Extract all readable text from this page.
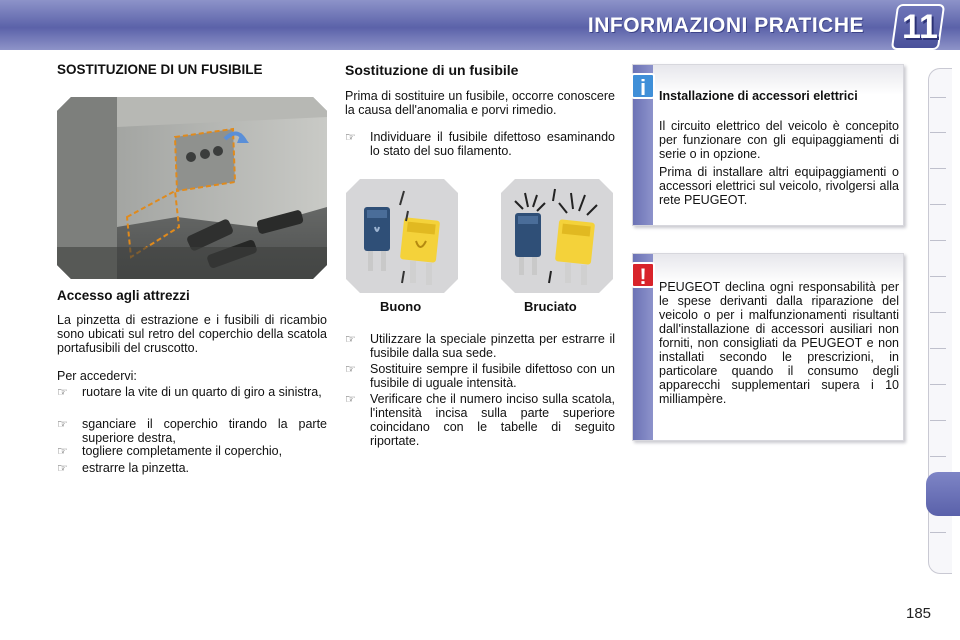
INFORMAZIONI PRATICHE 11
SOSTITUZIONE DI UN FUSIBILE
Accesso agli attrezzi
La pinzetta di estrazione e i fusibili di ricambio sono ubicati sul retro del coperchio della scatola portafusibili del cruscotto.
Per accedervi:
☞ ruotare la vite di un quarto di giro a sinistra,
☞ sganciare il coperchio tirando la parte superiore destra,
☞ togliere completamente il coperchio,
☞ estrarre la pinzetta.
Sostituzione di un fusibile
Prima di sostituire un fusibile, occorre conoscere la causa dell'anomalia e porvi rimedio.
☞ Individuare il fusibile difettoso esaminando lo stato del suo filamento.
Buono	Bruciato
☞ Utilizzare la speciale pinzetta per estrarre il fusibile dalla sua sede.
☞ Sostituire sempre il fusibile difettoso con un fusibile di uguale intensità.
☞ Verificare che il numero inciso sulla scatola, l'intensità incisa sulla parte superiore coincidano con le tabelle di seguito riportate.
i	Installazione di accessori elettrici
Il circuito elettrico del veicolo è concepito per funzionare con gli equipaggiamenti di serie o in opzione.
Prima di installare altri equipaggiamenti o accessori elettrici sul veicolo, rivolgersi alla rete PEUGEOT.
! PEUGEOT declina ogni responsabilità per le spese derivanti dalla riparazione del veicolo o per i malfunzionamenti risultanti dall'installazione di accessori ausiliari non forniti, non consigliati da PEUGEOT e non installati secondo le prescrizioni, in particolare quando il consumo degli apparecchi supplementari supera i 10 milliampère.
185
